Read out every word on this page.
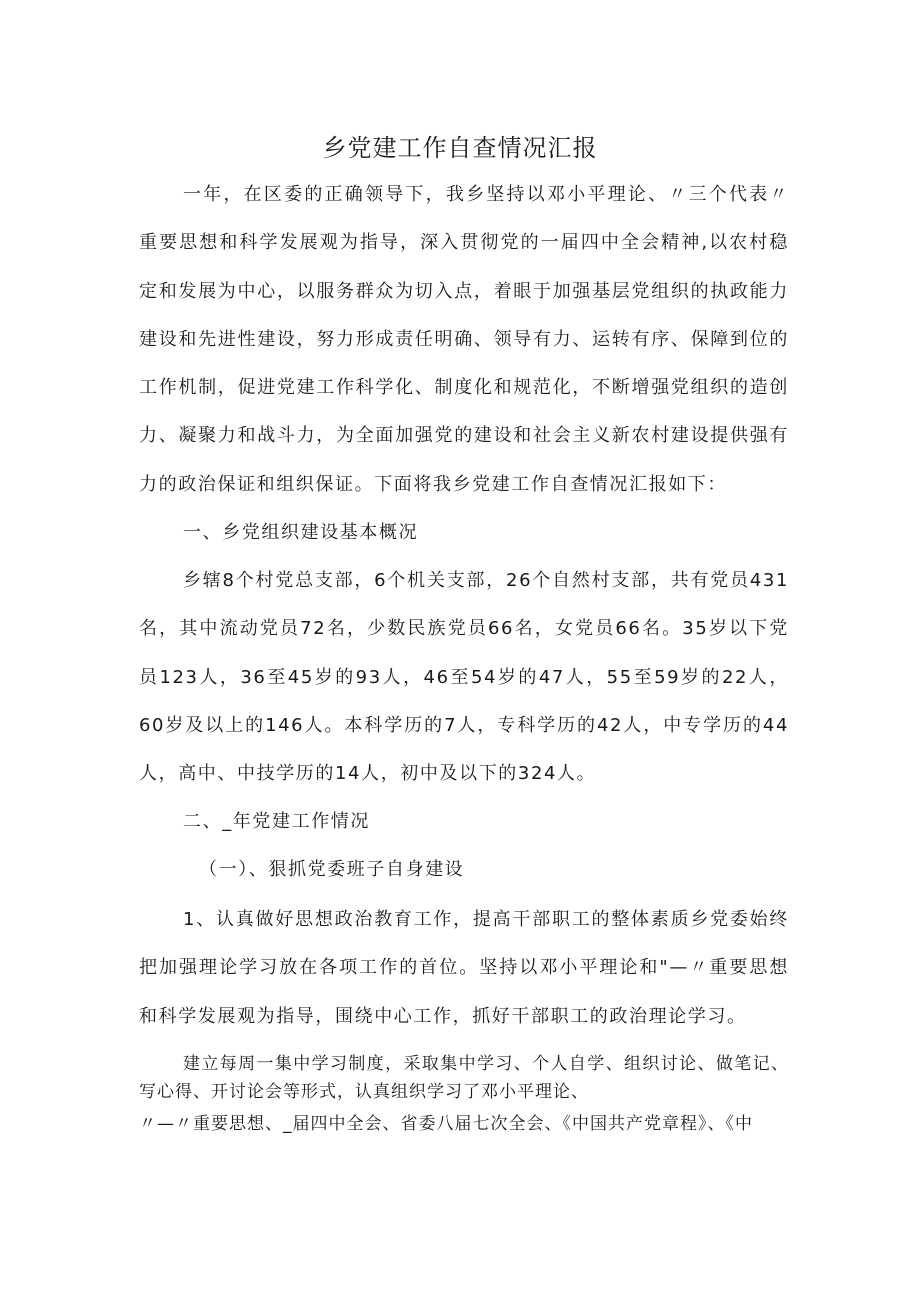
乡党建工作自查情况汇报

一年，在区委的正确领导下，我乡坚持以邓小平理论、〃三个代表〃重要思想和科学发展观为指导，深入贯彻党的一届四中全会精神,以农村稳定和发展为中心，以服务群众为切入点，着眼于加强基层党组织的执政能力建设和先进性建设，努力形成责任明确、领导有力、运转有序、保障到位的工作机制，促进党建工作科学化、制度化和规范化，不断增强党组织的造创力、凝聚力和战斗力，为全面加强党的建设和社会主义新农村建设提供强有力的政治保证和组织保证。下面将我乡党建工作自查情况汇报如下：

一、乡党组织建设基本概况

乡辖8个村党总支部，6个机关支部，26个自然村支部，共有党员431名，其中流动党员72名，少数民族党员66名，女党员66名。35岁以下党员123人，36至45岁的93人，46至54岁的47人，55至59岁的22人，60岁及以上的146人。本科学历的7人，专科学历的42人，中专学历的44人，高中、中技学历的14人，初中及以下的324人。

二、_年党建工作情况

（一）、狠抓党委班子自身建设

1、认真做好思想政治教育工作，提高干部职工的整体素质乡党委始终把加强理论学习放在各项工作的首位。坚持以邓小平理论和"—〃重要思想和科学发展观为指导，围绕中心工作，抓好干部职工的政治理论学习。

建立每周一集中学习制度，采取集中学习、个人自学、组织讨论、做笔记、写心得、开讨论会等形式，认真组织学习了邓小平理论、

〃—〃重要思想、_届四中全会、省委八届七次全会、《中国共产党章程》、《中
